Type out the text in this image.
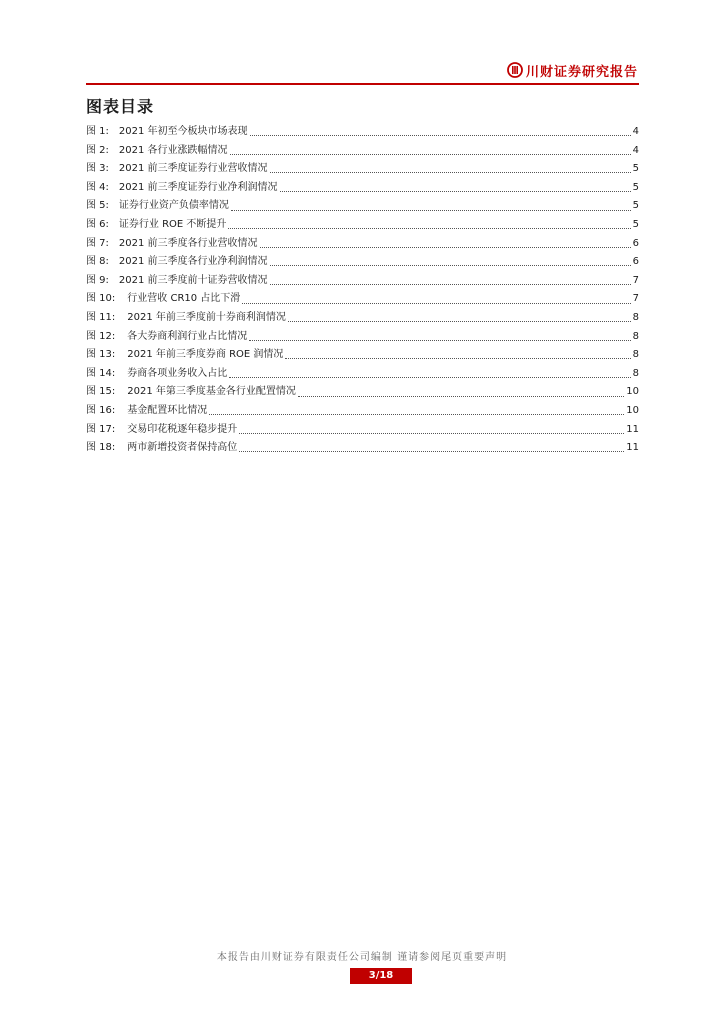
川财证券研究报告
图表目录
图 1: 2021 年初至今板块市场表现	4
图 2: 2021 各行业涨跌幅情况	4
图 3: 2021 前三季度证券行业营收情况	5
图 4: 2021 前三季度证券行业净利润情况	5
图 5: 证券行业资产负债率情况	5
图 6: 证券行业 ROE 不断提升	5
图 7: 2021 前三季度各行业营收情况	6
图 8: 2021 前三季度各行业净利润情况	6
图 9: 2021 前三季度前十证券营收情况	7
图 10: 行业营收 CR10 占比下滑	7
图 11: 2021 年前三季度前十券商利润情况	8
图 12: 各大券商利润行业占比情况	8
图 13: 2021 年前三季度券商 ROE 润情况	8
图 14: 券商各项业务收入占比	8
图 15: 2021 年第三季度基金各行业配置情况	10
图 16: 基金配置环比情况	10
图 17: 交易印花税逐年稳步提升	11
图 18: 两市新增投资者保持高位	11
本报告由川财证券有限责任公司编制 谨请参阅尾页重要声明
3/18
